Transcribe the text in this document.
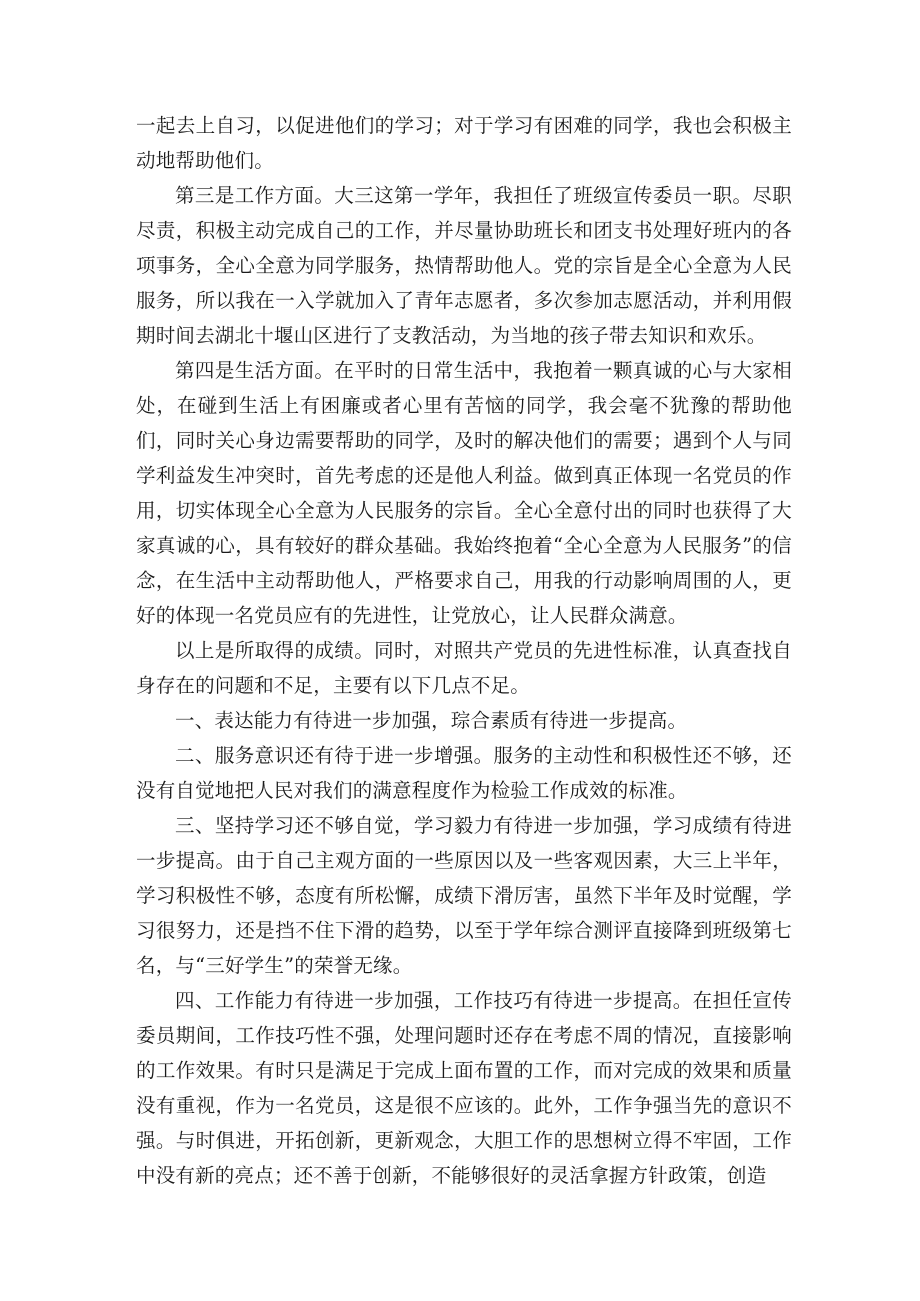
一起去上自习，以促进他们的学习；对于学习有困难的同学，我也会积极主动地帮助他们。

第三是工作方面。大三这第一学年，我担任了班级宣传委员一职。尽职尽责，积极主动完成自己的工作，并尽量协助班长和团支书处理好班内的各项事务，全心全意为同学服务，热情帮助他人。党的宗旨是全心全意为人民服务，所以我在一入学就加入了青年志愿者，多次参加志愿活动，并利用假期时间去湖北十堰山区进行了支教活动，为当地的孩子带去知识和欢乐。

第四是生活方面。在平时的日常生活中，我抱着一颗真诚的心与大家相处，在碰到生活上有困廉或者心里有苦恼的同学，我会毫不犹豫的帮助他们，同时关心身边需要帮助的同学，及时的解决他们的需要；遇到个人与同学利益发生冲突时，首先考虑的还是他人利益。做到真正体现一名党员的作用，切实体现全心全意为人民服务的宗旨。全心全意付出的同时也获得了大家真诚的心，具有较好的群众基础。我始终抱着“全心全意为人民服务”的信念，在生活中主动帮助他人，严格要求自己，用我的行动影响周围的人，更好的体现一名党员应有的先进性，让党放心，让人民群众满意。

以上是所取得的成绩。同时，对照共产党员的先进性标准，认真查找自身存在的问题和不足，主要有以下几点不足。

一、表达能力有待进一步加强，琮合素质有待进一步提高。

二、服务意识还有待于进一步增强。服务的主动性和积极性还不够，还没有自觉地把人民对我们的满意程度作为检验工作成效的标准。

三、坚持学习还不够自觉，学习毅力有待进一步加强，学习成绩有待进一步提高。由于自己主观方面的一些原因以及一些客观因素，大三上半年，学习积极性不够，态度有所松懈，成绩下滑厉害，虽然下半年及时觉醒，学习很努力，还是挡不住下滑的趋势，以至于学年综合测评直接降到班级第七名，与“三好学生”的荣誉无缘。

四、工作能力有待进一步加强，工作技巧有待进一步提高。在担任宣传委员期间，工作技巧性不强，处理问题时还存在考虑不周的情况，直接影响的工作效果。有时只是满足于完成上面布置的工作，而对完成的效果和质量没有重视，作为一名党员，这是很不应该的。此外，工作争强当先的意识不强。与时俱进，开拓创新，更新观念，大胆工作的思想树立得不牢固，工作中没有新的亮点；还不善于创新，不能够很好的灵活拿握方针政策，创造
